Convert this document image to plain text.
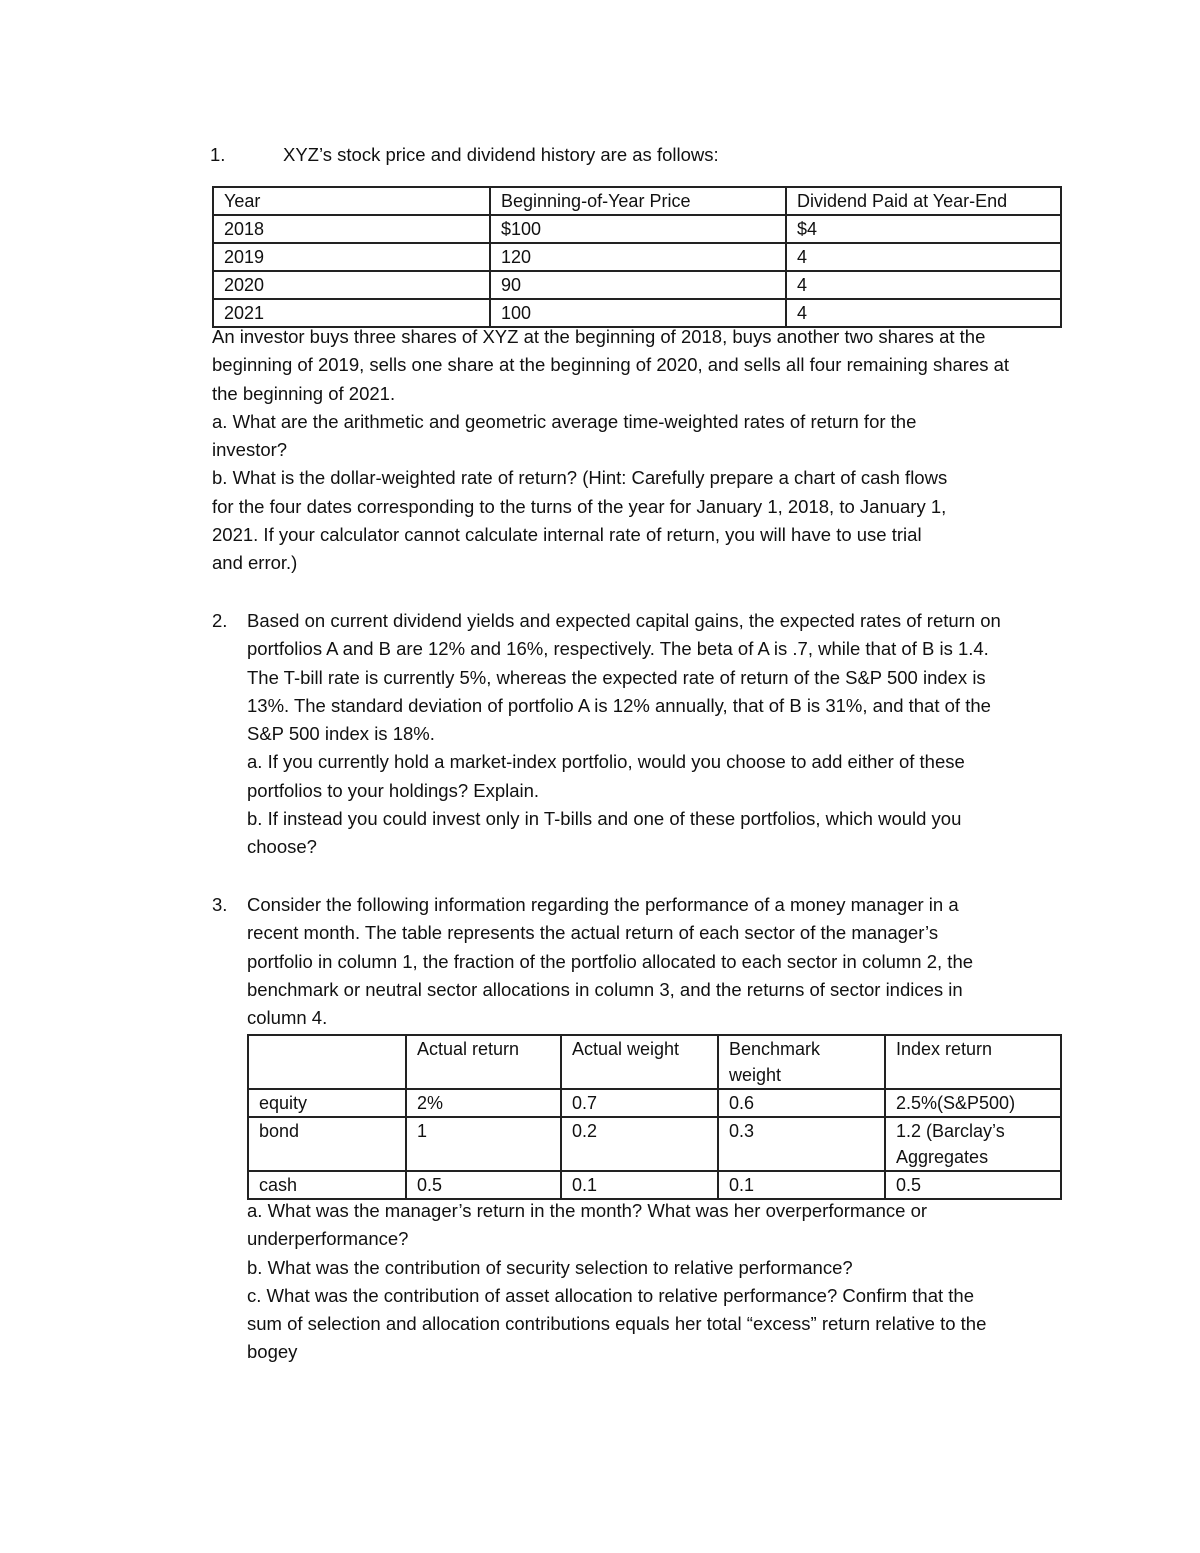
1.	XYZ’s stock price and dividend history are as follows:
Year	Beginning-of-Year Price	Dividend Paid at Year-End
2018	$100	$4
2019	120	4
2020	90	4
2021	100	4
An investor buys three shares of XYZ at the beginning of 2018, buys another two shares at the
beginning of 2019, sells one share at the beginning of 2020, and sells all four remaining shares at
the beginning of 2021.
a. What are the arithmetic and geometric average time-weighted rates of return for the
investor?
b. What is the dollar-weighted rate of return? (Hint: Carefully prepare a chart of cash flows
for the four dates corresponding to the turns of the year for January 1, 2018, to January 1,
2021. If your calculator cannot calculate internal rate of return, you will have to use trial
and error.)
2. Based on current dividend yields and expected capital gains, the expected rates of return on
portfolios A and B are 12% and 16%, respectively. The beta of A is .7, while that of B is 1.4.
The T-bill rate is currently 5%, whereas the expected rate of return of the S&P 500 index is
13%. The standard deviation of portfolio A is 12% annually, that of B is 31%, and that of the
S&P 500 index is 18%.
a. If you currently hold a market-index portfolio, would you choose to add either of these
portfolios to your holdings? Explain.
b. If instead you could invest only in T-bills and one of these portfolios, which would you
choose?
3. Consider the following information regarding the performance of a money manager in a
recent month. The table represents the actual return of each sector of the manager’s
portfolio in column 1, the fraction of the portfolio allocated to each sector in column 2, the
benchmark or neutral sector allocations in column 3, and the returns of sector indices in
column 4.
	Actual return	Actual weight	Benchmark weight	Index return
equity	2%	0.7	0.6	2.5%(S&P500)
bond	1	0.2	0.3	1.2 (Barclay’s Aggregates
cash	0.5	0.1	0.1	0.5
a. What was the manager’s return in the month? What was her overperformance or
underperformance?
b. What was the contribution of security selection to relative performance?
c. What was the contribution of asset allocation to relative performance? Confirm that the
sum of selection and allocation contributions equals her total “excess” return relative to the
bogey
